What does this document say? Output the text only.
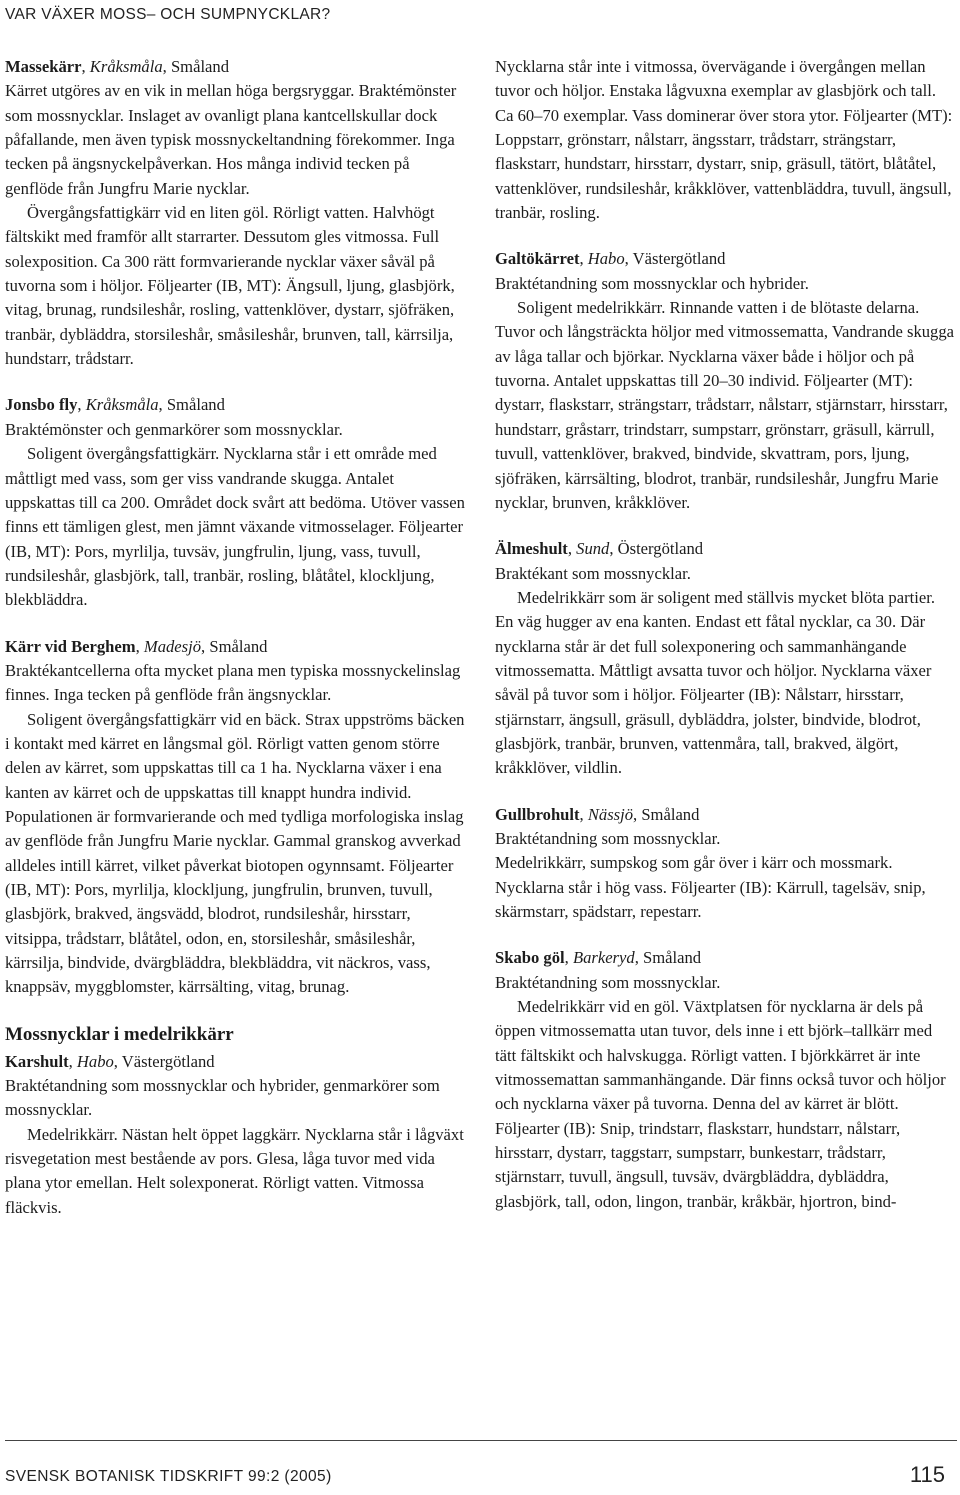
VAR VÄXER MOSS– OCH SUMPNYCKLAR?

Massekärr, Kråksmåla, Småland

Kärret utgöres av en vik in mellan höga bergsryggar. Braktémönster som mossnycklar. Inslaget av ovanligt plana kantcellskullar dock påfallande, men även typisk mossnyckeltandning förekommer. Inga tecken på ängsnyckelpåverkan. Hos många individ tecken på genflöde från Jungfru Marie nycklar.

Övergångsfattigkärr vid en liten göl. Rörligt vatten. Halvhögt fältskikt med framför allt starrarter. Dessutom gles vitmossa. Full solexposition. Ca 300 rätt formvarierande nycklar växer såväl på tuvorna som i höljor. Följearter (IB, MT): Ängsull, ljung, glasbjörk, vitag, brunag, rundsileshår, rosling, vattenklöver, dystarr, sjöfräken, tranbär, dybläddra, storsileshår, småsileshår, brunven, tall, kärrsilja, hundstarr, trådstarr.

Jonsbo fly, Kråksmåla, Småland

Braktémönster och genmarkörer som mossnycklar.

Soligent övergångsfattigkärr. Nycklarna står i ett område med måttligt med vass, som ger viss vandrande skugga. Antalet uppskattas till ca 200. Området dock svårt att bedöma. Utöver vassen finns ett tämligen glest, men jämnt växande vitmosselager. Följearter (IB, MT): Pors, myrlilja, tuvsäv, jungfrulin, ljung, vass, tuvull, rundsileshår, glasbjörk, tall, tranbär, rosling, blåtåtel, klockljung, blekbläddra.

Kärr vid Berghem, Madesjö, Småland

Braktékantcellerna ofta mycket plana men typiska mossnyckelinslag finnes. Inga tecken på genflöde från ängsnycklar.

Soligent övergångsfattigkärr vid en bäck. Strax uppströms bäcken i kontakt med kärret en långsmal göl. Rörligt vatten genom större delen av kärret, som uppskattas till ca 1 ha. Nycklarna växer i ena kanten av kärret och de uppskattas till knappt hundra individ. Populationen är formvarierande och med tydliga morfologiska inslag av genflöde från Jungfru Marie nycklar. Gammal granskog avverkad alldeles intill kärret, vilket påverkat biotopen ogynnsamt. Följearter (IB, MT): Pors, myrlilja, klockljung, jungfrulin, brunven, tuvull, glasbjörk, brakved, ängsvädd, blodrot, rundsileshår, hirsstarr, vitsippa, trådstarr, blåtåtel, odon, en, storsileshår, småsileshår, kärrsilja, bindvide, dvärgbläddra, blekbläddra, vit näckros, vass, knappsäv, myggblomster, kärrsälting, vitag, brunag.

Mossnycklar i medelrikkärr

Karshult, Habo, Västergötland

Braktétandning som mossnycklar och hybrider, genmarkörer som mossnycklar.

Medelrikkärr. Nästan helt öppet laggkärr. Nycklarna står i lågväxt risvegetation mest bestående av pors. Glesa, låga tuvor med vida plana ytor emellan. Helt solexponerat. Rörligt vatten. Vitmossa fläckvis.

Nycklarna står inte i vitmossa, övervägande i övergången mellan tuvor och höljor. Enstaka lågvuxna exemplar av glasbjörk och tall. Ca 60–70 exemplar. Vass dominerar över stora ytor. Följearter (MT): Loppstarr, grönstarr, nålstarr, ängsstarr, trådstarr, strängstarr, flaskstarr, hundstarr, hirsstarr, dystarr, snip, gräsull, tätört, blåtåtel, vattenklöver, rundsileshår, kråkklöver, vattenbläddra, tuvull, ängsull, tranbär, rosling.

Galtökärret, Habo, Västergötland

Braktétandning som mossnycklar och hybrider.

Soligent medelrikkärr. Rinnande vatten i de blötaste delarna. Tuvor och långsträckta höljor med vitmossematta, Vandrande skugga av låga tallar och björkar. Nycklarna växer både i höljor och på tuvorna. Antalet uppskattas till 20–30 individ. Följearter (MT): dystarr, flaskstarr, strängstarr, trådstarr, nålstarr, stjärnstarr, hirsstarr, hundstarr, gråstarr, trindstarr, sumpstarr, grönstarr, gräsull, kärrull, tuvull, vattenklöver, brakved, bindvide, skvattram, pors, ljung, sjöfräken, kärrsälting, blodrot, tranbär, rundsileshår, Jungfru Marie nycklar, brunven, kråkklöver.

Älmeshult, Sund, Östergötland

Braktékant som mossnycklar.

Medelrikkärr som är soligent med ställvis mycket blöta partier. En väg hugger av ena kanten. Endast ett fåtal nycklar, ca 30. Där nycklarna står är det full solexponering och sammanhängande vitmossematta. Måttligt avsatta tuvor och höljor. Nycklarna växer såväl på tuvor som i höljor. Följearter (IB): Nålstarr, hirsstarr, stjärnstarr, ängsull, gräsull, dybläddra, jolster, bindvide, blodrot, glasbjörk, tranbär, brunven, vattenmåra, tall, brakved, älgört, kråkklöver, vildlin.

Gullbrohult, Nässjö, Småland

Braktétandning som mossnycklar.

Medelrikkärr, sumpskog som går över i kärr och mossmark. Nycklarna står i hög vass. Följearter (IB): Kärrull, tagelsäv, snip, skärmstarr, spädstarr, repestarr.

Skabo göl, Barkeryd, Småland

Braktétandning som mossnycklar.

Medelrikkärr vid en göl. Växtplatsen för nycklarna är dels på öppen vitmossematta utan tuvor, dels inne i ett björk–tallkärr med tätt fältskikt och halvskugga. Rörligt vatten. I björkkärret är inte vitmossemattan sammanhängande. Där finns också tuvor och höljor och nycklarna växer på tuvorna. Denna del av kärret är blött. Följearter (IB): Snip, trindstarr, flaskstarr, hundstarr, nålstarr, hirsstarr, dystarr, taggstarr, sumpstarr, bunkestarr, trådstarr, stjärnstarr, tuvull, ängsull, tuvsäv, dvärgbläddra, dybläddra, glasbjörk, tall, odon, lingon, tranbär, kråkbär, hjortron, bind-

SVENSK BOTANISK TIDSKRIFT 99:2 (2005)	115
